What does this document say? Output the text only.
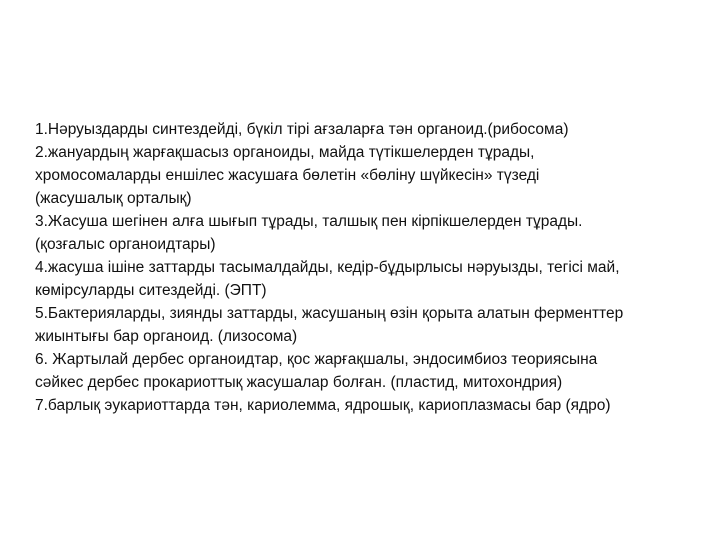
1.Нәруыздарды синтездейді, бүкіл тірі ағзаларға тән органоид.(рибосома)
2.жануардың жарғақшасыз органоиды, майда түтікшелерден тұрады,
хромосомаларды еншілес жасушаға бөлетін «бөліну шүйкесін» түзеді
(жасушалық орталық)
3.Жасуша шегінен алға шығып тұрады, талшық пен кірпікшелерден тұрады.
(қозғалыс органоидтары)
4.жасуша ішіне заттарды тасымалдайды, кедір-бұдырлысы нәруызды, тегісі май,
көмірсуларды ситездейді. (ЭПТ)
5.Бактерияларды, зиянды заттарды, жасушаның өзін қорыта алатын ферменттер
жиынтығы бар органоид. (лизосома)
6. Жартылай дербес органоидтар, қос жарғақшалы, эндосимбиоз теориясына
сәйкес дербес прокариоттық жасушалар болған. (пластид, митохондрия)
7.барлық эукариоттарда тән, кариолемма, ядрошық, кариоплазмасы бар (ядро)
